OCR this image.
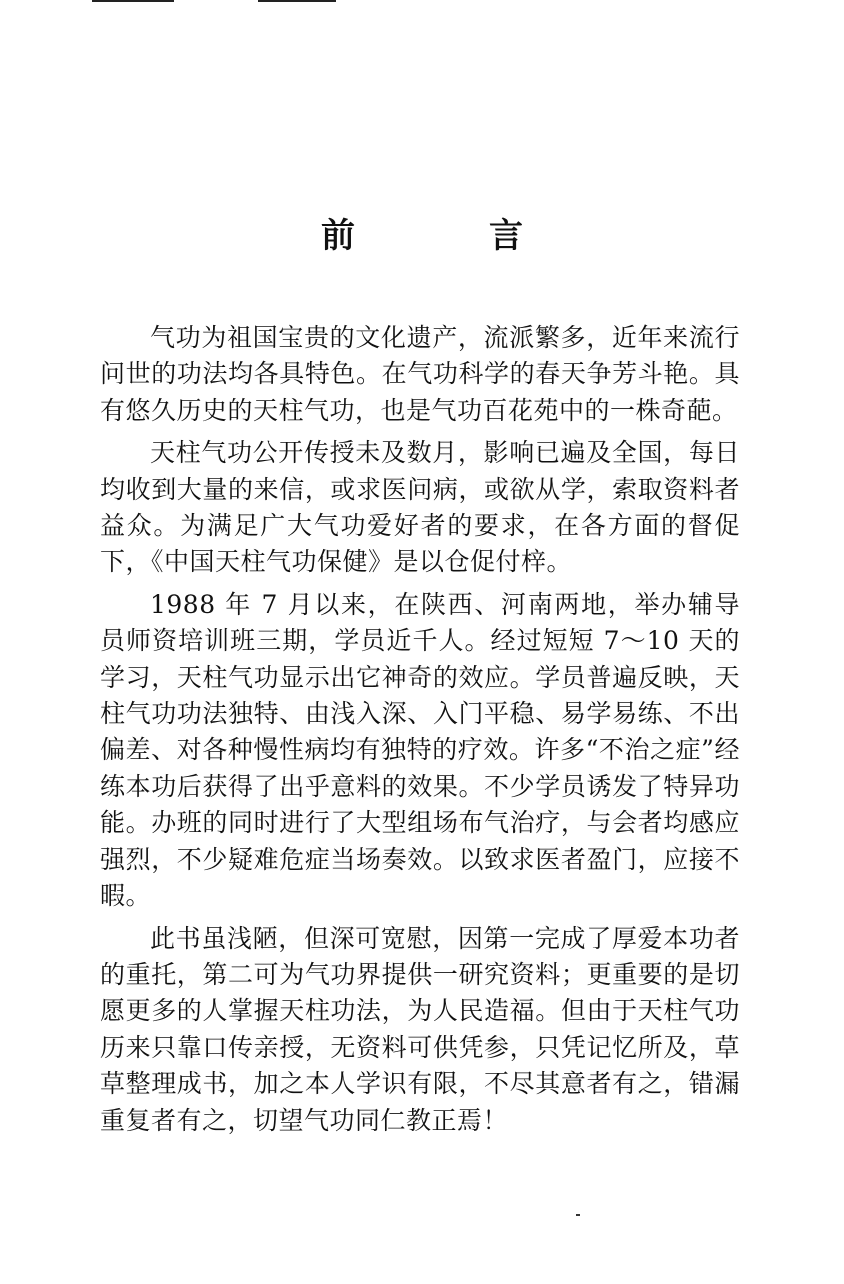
前　言

气功为祖国宝贵的文化遗产，流派繁多，近年来流行问世的功法均各具特色。在气功科学的春天争芳斗艳。具有悠久历史的天柱气功，也是气功百花苑中的一株奇葩。

天柱气功公开传授未及数月，影响已遍及全国，每日均收到大量的来信，或求医问病，或欲从学，索取资料者益众。为满足广大气功爱好者的要求，在各方面的督促下，《中国天柱气功保健》是以仓促付梓。

1988 年 7 月以来，在陕西、河南两地，举办辅导员师资培训班三期，学员近千人。经过短短 7～10 天的学习，天柱气功显示出它神奇的效应。学员普遍反映，天柱气功功法独特、由浅入深、入门平稳、易学易练、不出偏差、对各种慢性病均有独特的疗效。许多“不治之症”经练本功后获得了出乎意料的效果。不少学员诱发了特异功能。办班的同时进行了大型组场布气治疗，与会者均感应强烈，不少疑难危症当场奏效。以致求医者盈门，应接不暇。

此书虽浅陋，但深可宽慰，因第一完成了厚爱本功者的重托，第二可为气功界提供一研究资料；更重要的是切愿更多的人掌握天柱功法，为人民造福。但由于天柱气功历来只靠口传亲授，无资料可供凭参，只凭记忆所及，草草整理成书，加之本人学识有限，不尽其意者有之，错漏重复者有之，切望气功同仁教正焉！
